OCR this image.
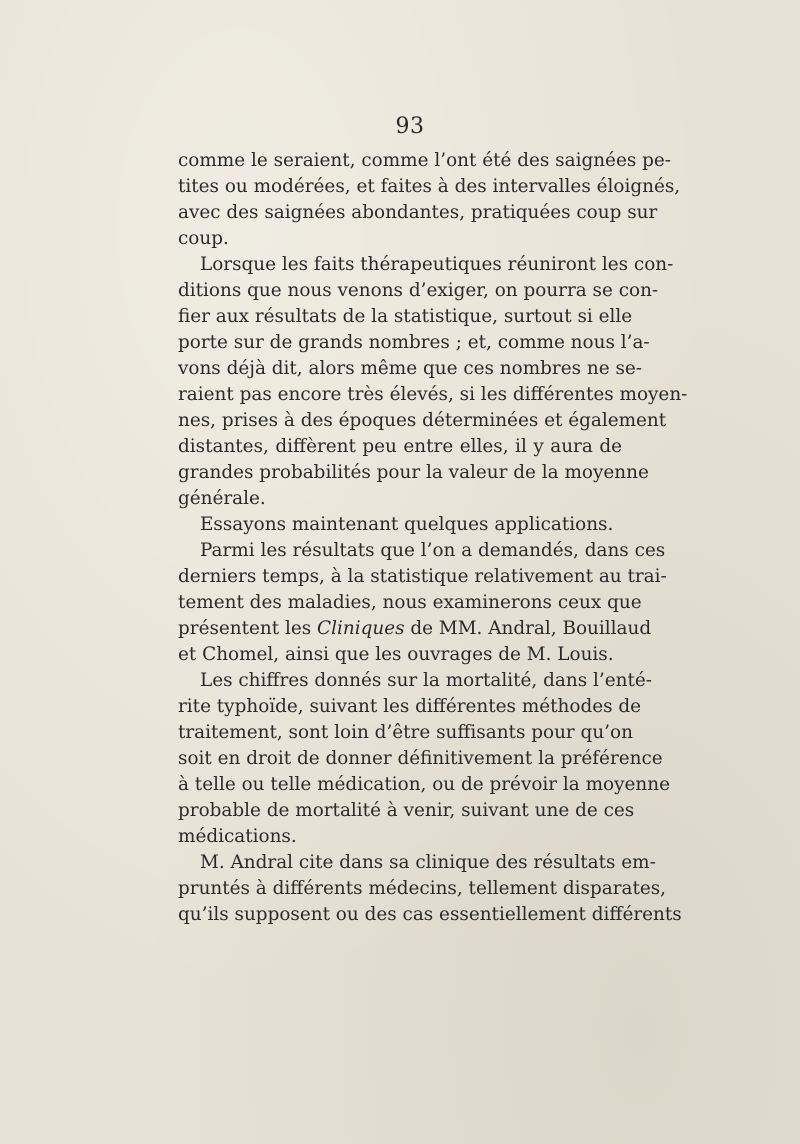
93
comme le seraient, comme l’ont été des saignées pe-
tites ou modérées, et faites à des intervalles éloignés,
avec des saignées abondantes, pratiquées coup sur
coup.
Lorsque les faits thérapeutiques réuniront les con-
ditions que nous venons d’exiger, on pourra se con-
fier aux résultats de la statistique, surtout si elle
porte sur de grands nombres ; et, comme nous l’a-
vons déjà dit, alors même que ces nombres ne se-
raient pas encore très élevés, si les différentes moyen-
nes, prises à des époques déterminées et également
distantes, diffèrent peu entre elles, il y aura de
grandes probabilités pour la valeur de la moyenne
générale.
Essayons maintenant quelques applications.
Parmi les résultats que l’on a demandés, dans ces
derniers temps, à la statistique relativement au trai-
tement des maladies, nous examinerons ceux que
présentent les Cliniques de MM. Andral, Bouillaud
et Chomel, ainsi que les ouvrages de M. Louis.
Les chiffres donnés sur la mortalité, dans l’enté-
rite typhoïde, suivant les différentes méthodes de
traitement, sont loin d’être suffisants pour qu’on
soit en droit de donner définitivement la préférence
à telle ou telle médication, ou de prévoir la moyenne
probable de mortalité à venir, suivant une de ces
médications.
M. Andral cite dans sa clinique des résultats em-
pruntés à différents médecins, tellement disparates,
qu’ils supposent ou des cas essentiellement différents
